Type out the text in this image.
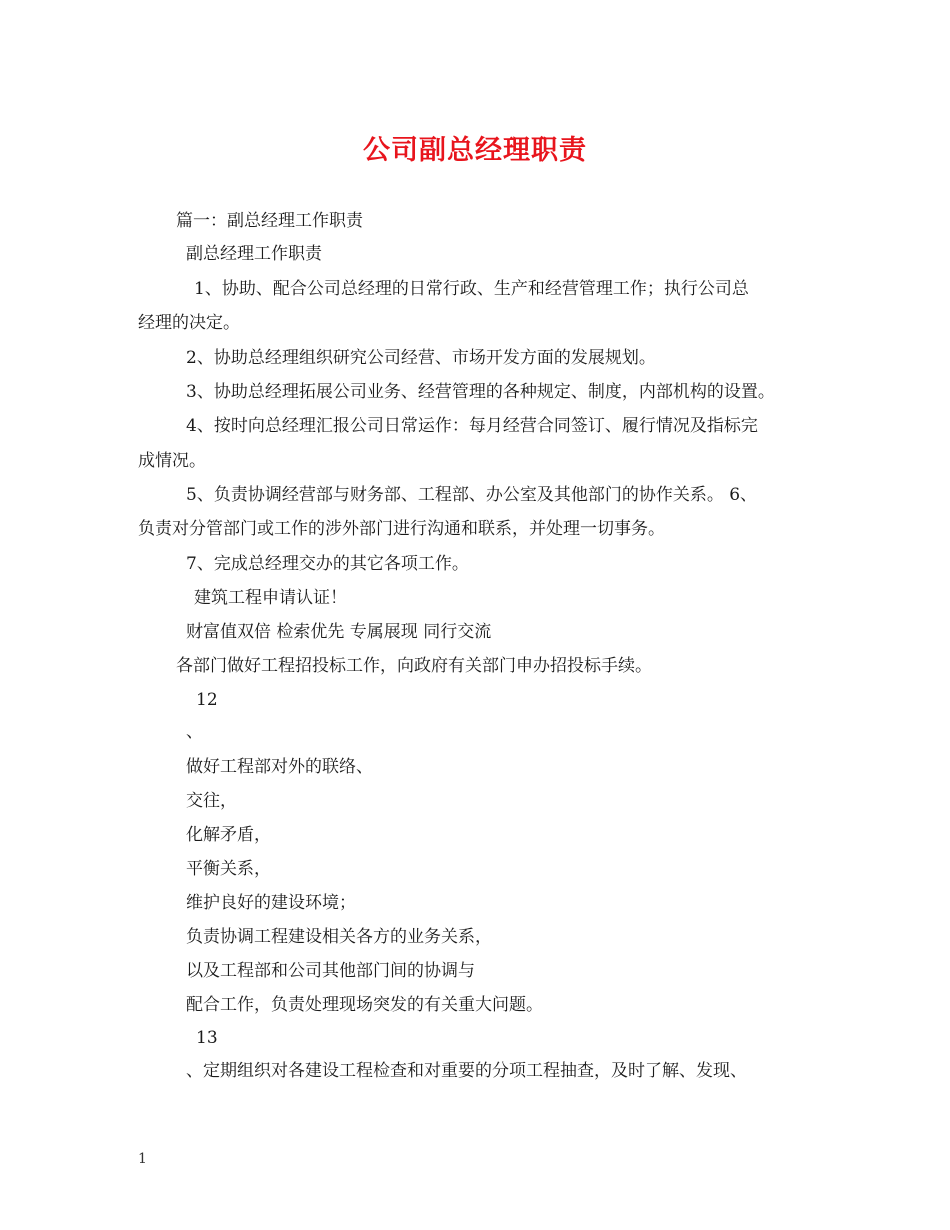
公司副总经理职责
篇一：副总经理工作职责
副总经理工作职责
1、协助、配合公司总经理的日常行政、生产和经营管理工作；执行公司总
经理的决定。
2、协助总经理组织研究公司经营、市场开发方面的发展规划。
3、协助总经理拓展公司业务、经营管理的各种规定、制度，内部机构的设置。
4、按时向总经理汇报公司日常运作：每月经营合同签订、履行情况及指标完
成情况。
5、负责协调经营部与财务部、工程部、办公室及其他部门的协作关系。 6、
负责对分管部门或工作的涉外部门进行沟通和联系，并处理一切事务。
7、完成总经理交办的其它各项工作。
建筑工程申请认证！
财富值双倍 检索优先 专属展现 同行交流
各部门做好工程招投标工作，向政府有关部门申办招投标手续。
12
、
做好工程部对外的联络、
交往，
化解矛盾，
平衡关系，
维护良好的建设环境；
负责协调工程建设相关各方的业务关系，
以及工程部和公司其他部门间的协调与
配合工作，负责处理现场突发的有关重大问题。
13
、定期组织对各建设工程检查和对重要的分项工程抽查，及时了解、发现、
1
